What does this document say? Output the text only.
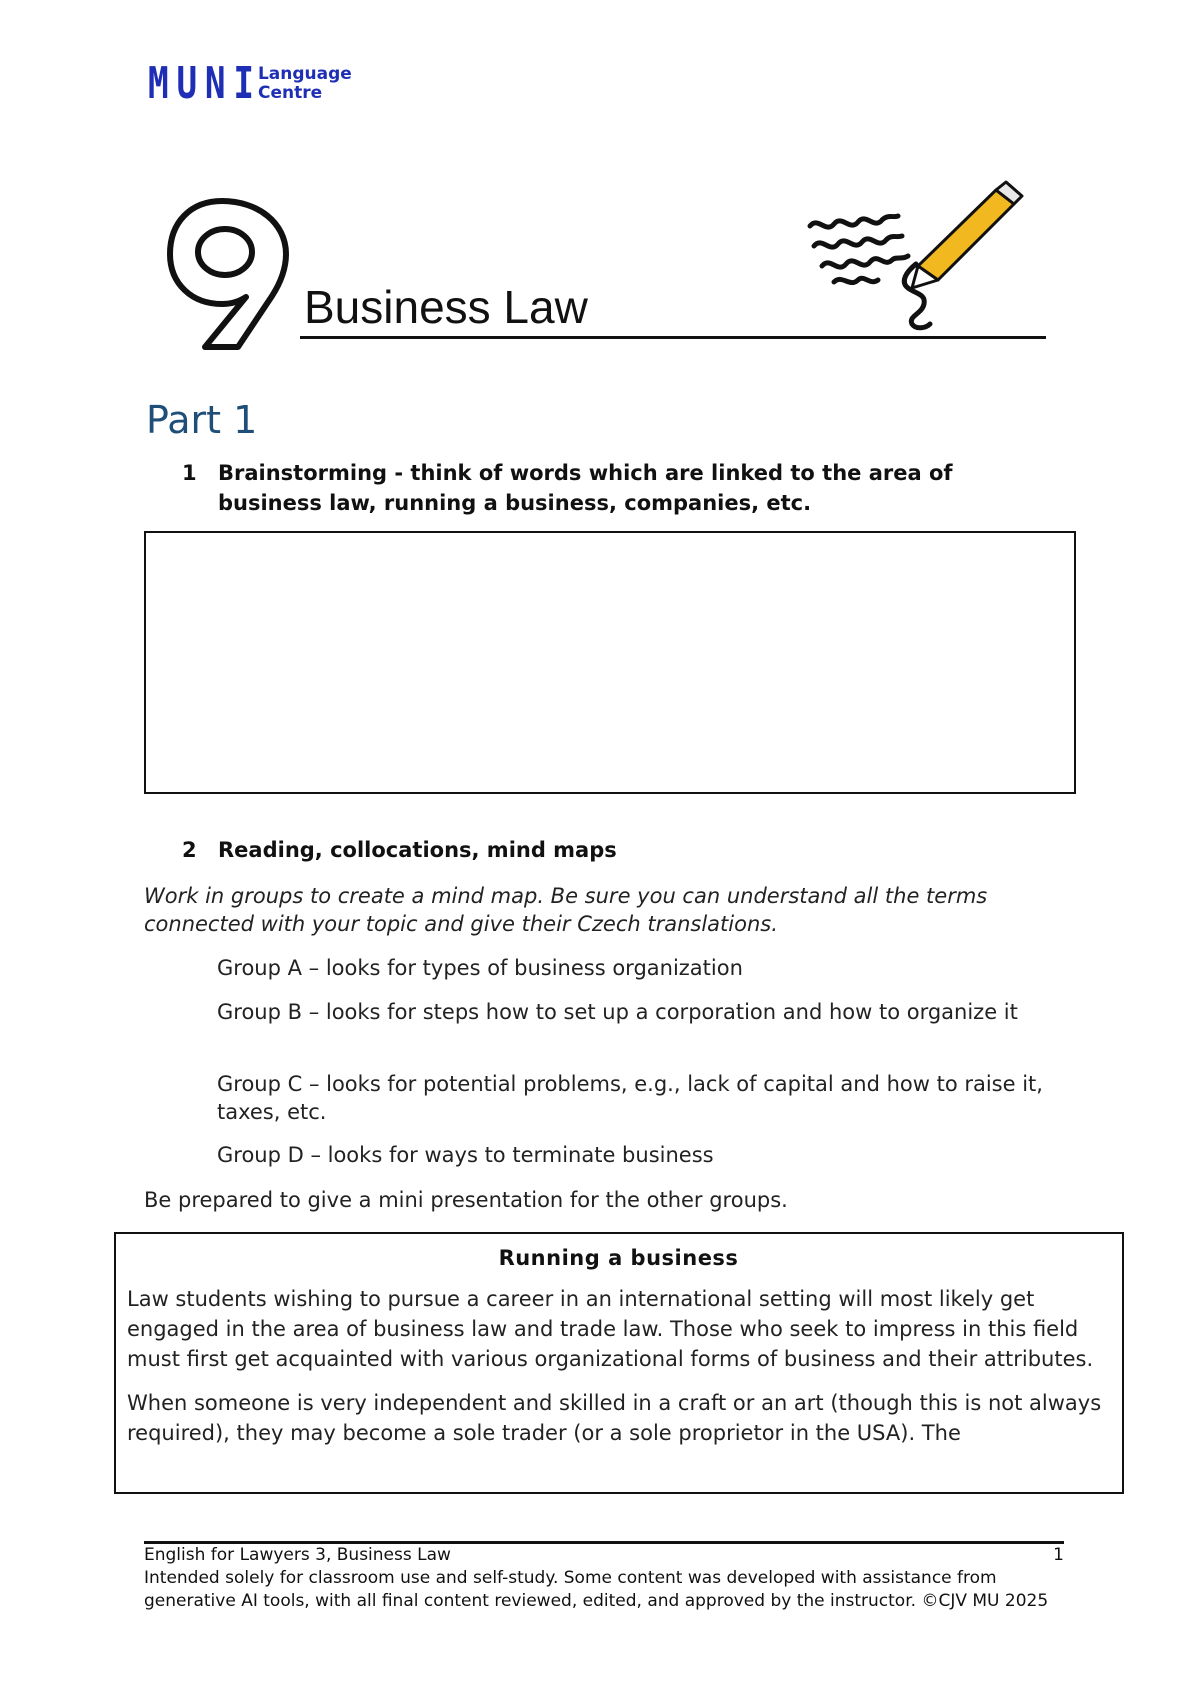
MUNI
Language
Centre
9
Business Law
Part 1
1	Brainstorming - think of words which are linked to the area of business law, running a business, companies, etc.
2	Reading, collocations, mind maps
Work in groups to create a mind map. Be sure you can understand all the terms connected with your topic and give their Czech translations.
Group A – looks for types of business organization
Group B – looks for steps how to set up a corporation and how to organize it
Group C – looks for potential problems, e.g., lack of capital and how to raise it, taxes, etc.
Group D – looks for ways to terminate business
Be prepared to give a mini presentation for the other groups.
Running a business

Law students wishing to pursue a career in an international setting will most likely get engaged in the area of business law and trade law. Those who seek to impress in this field must first get acquainted with various organizational forms of business and their attributes.

When someone is very independent and skilled in a craft or an art (though this is not always required), they may become a sole trader (or a sole proprietor in the USA). The

English for Lawyers 3, Business Law	1
Intended solely for classroom use and self-study. Some content was developed with assistance from generative AI tools, with all final content reviewed, edited, and approved by the instructor. ©CJV MU 2025
